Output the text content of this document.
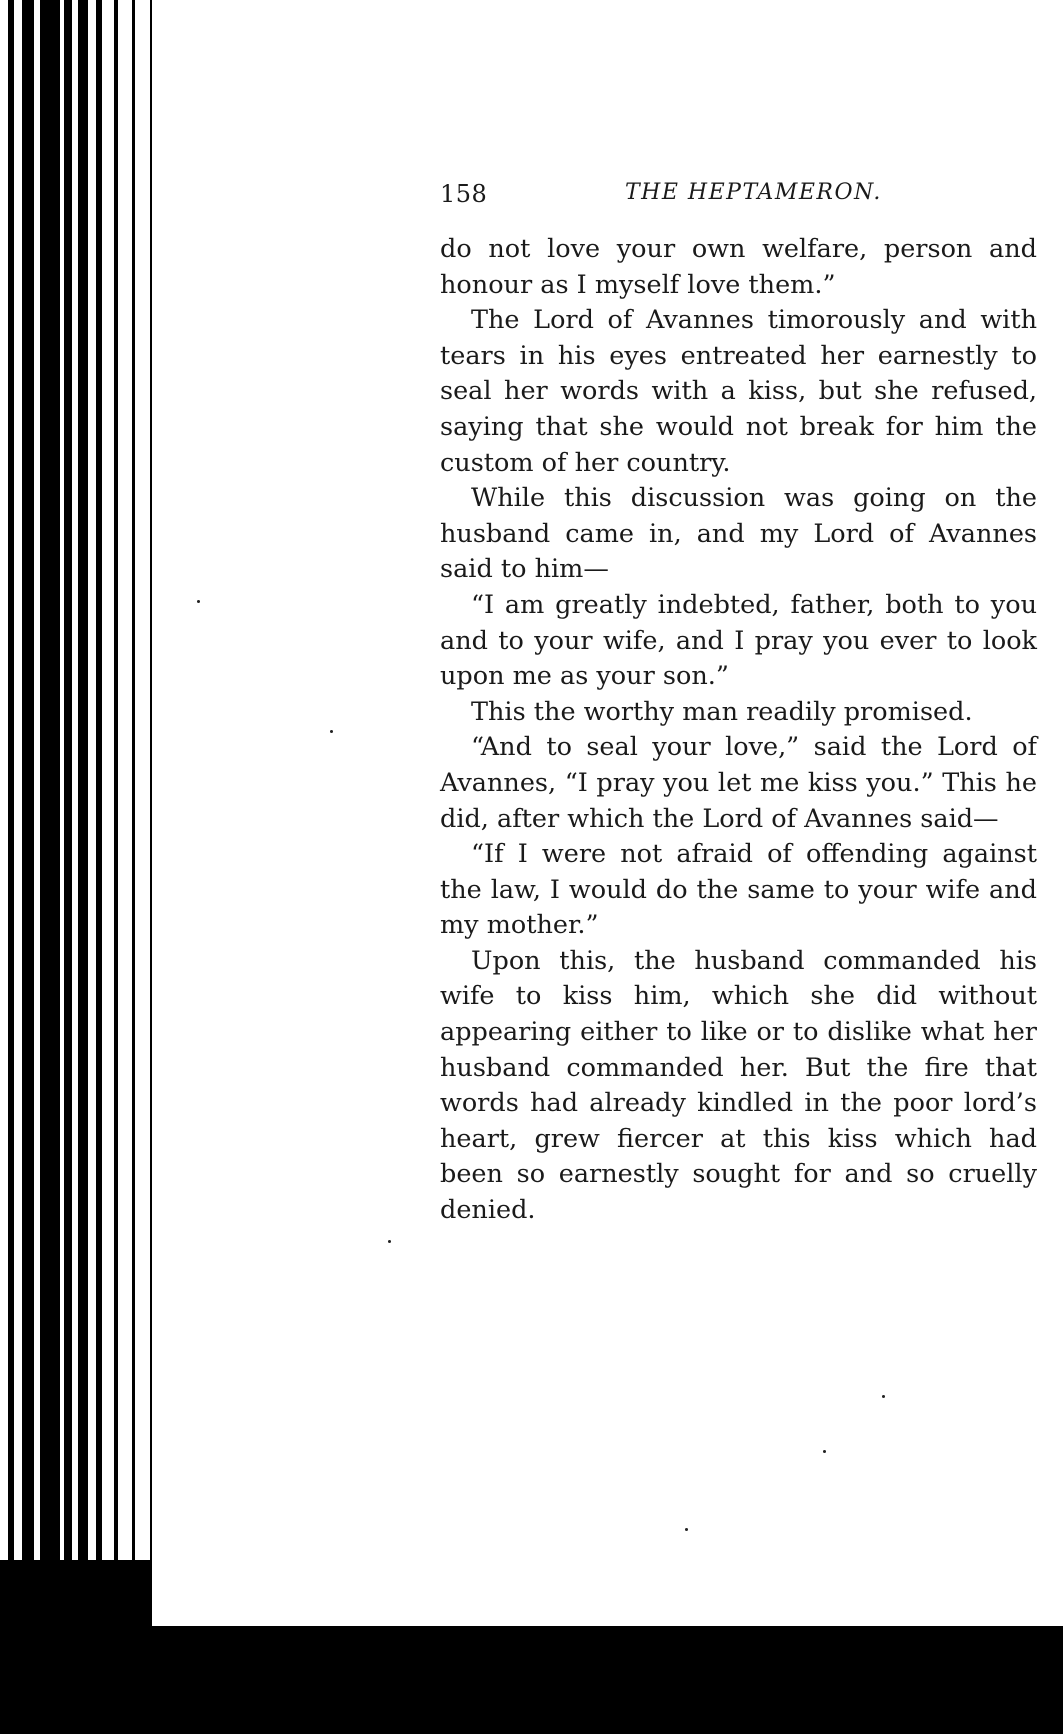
158	THE HEPTAMERON.

do not love your own welfare, person and honour as I myself love them.”

The Lord of Avannes timorously and with tears in his eyes entreated her earnestly to seal her words with a kiss, but she refused, saying that she would not break for him the custom of her country.

While this discussion was going on the husband came in, and my Lord of Avannes said to him—

“I am greatly indebted, father, both to you and to your wife, and I pray you ever to look upon me as your son.”

This the worthy man readily promised.

“And to seal your love,” said the Lord of Avannes, “I pray you let me kiss you.” This he did, after which the Lord of Avannes said—

“If I were not afraid of offending against the law, I would do the same to your wife and my mother.”

Upon this, the husband commanded his wife to kiss him, which she did without appearing either to like or to dislike what her husband commanded her. But the fire that words had already kindled in the poor lord’s heart, grew fiercer at this kiss which had been so earnestly sought for and so cruelly denied.
